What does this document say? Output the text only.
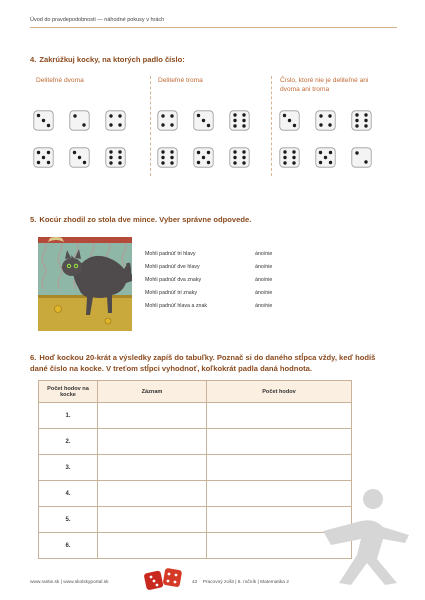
Úvod do pravdepodobnosti — náhodné pokusy v hrách
4. Zakrúžkuj kocky, na ktorých padlo číslo:
Deliteľné dvoma	Deliteľné troma	Číslo, ktoré nie je deliteľné ani dvoma ani troma
5. Kocúr zhodil zo stola dve mince. Vyber správne odpovede.
Mohli padnúť tri hlavy	áno/nie
Mohli padnúť dve hlavy	áno/nie
Mohli padnúť dva znaky	áno/nie
Mohli padnúť tri znaky	áno/nie
Mohli padnúť hlava a znak	áno/nie
6. Hoď kockou 20-krát a výsledky zapíš do tabuľky. Poznač si do daného stĺpca vždy, keď hodíš dané číslo na kocke. V treťom stĺpci vyhodnoť, koľkokrát padla daná hodnota.
Počet hodov na kocke	Záznam	Počet hodov
1.		
2.		
3.		
4.		
5.		
6.		
www.rastie.sk | www.skolskyportal.sk	42 Pracovný zošit | 6. ročník | Matematika 2
